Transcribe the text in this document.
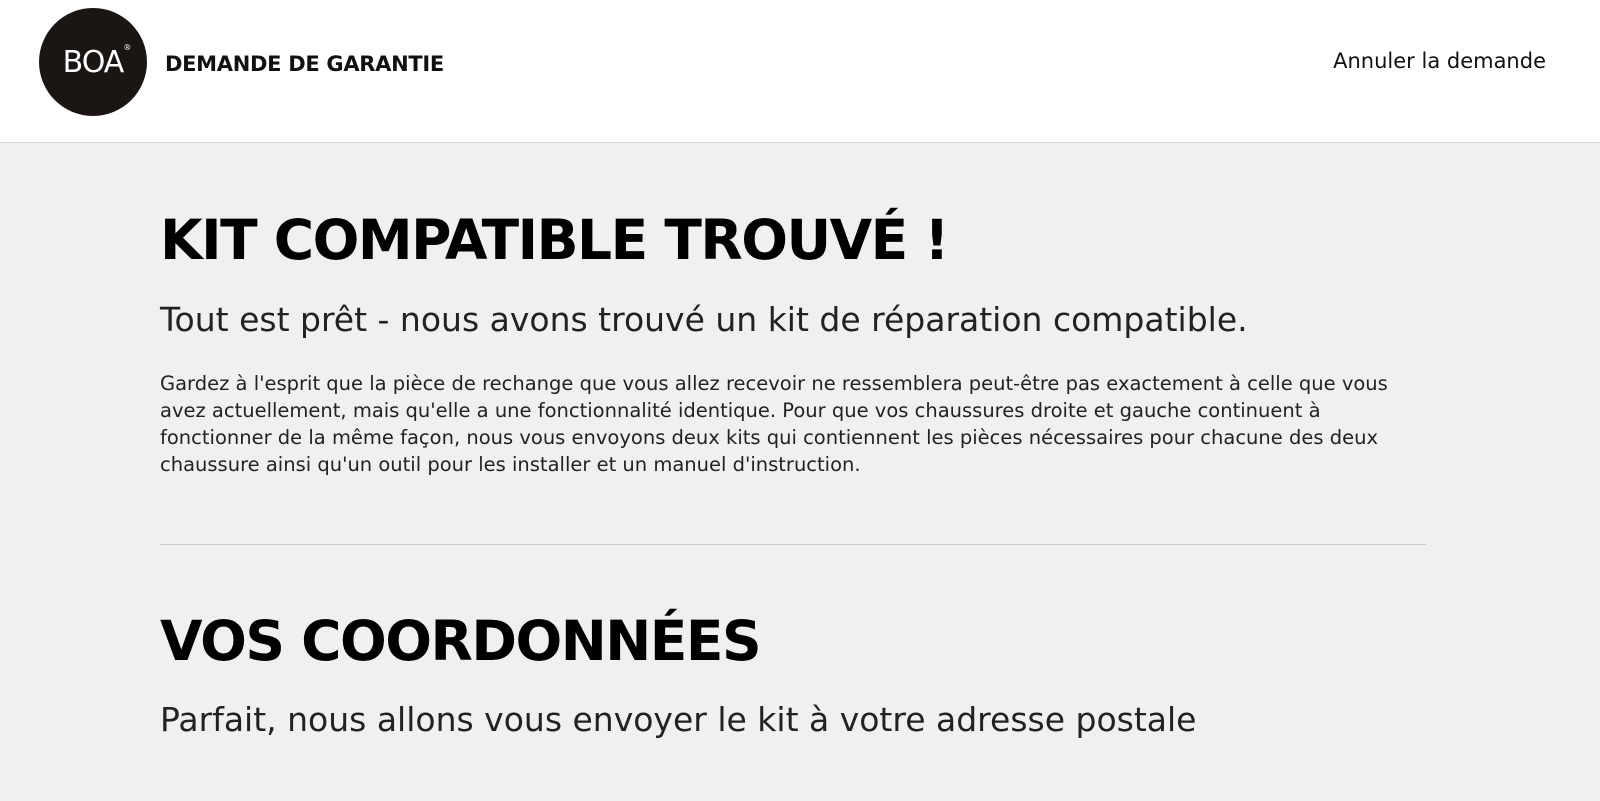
BOA ®
DEMANDE DE GARANTIE	Annuler la demande
KIT COMPATIBLE TROUVÉ !

Tout est prêt - nous avons trouvé un kit de réparation compatible.

Gardez à l'esprit que la pièce de rechange que vous allez recevoir ne ressemblera peut-être pas exactement à celle que vous avez actuellement, mais qu'elle a une fonctionnalité identique. Pour que vos chaussures droite et gauche continuent à fonctionner de la même façon, nous vous envoyons deux kits qui contiennent les pièces nécessaires pour chacune des deux chaussure ainsi qu'un outil pour les installer et un manuel d'instruction.

VOS COORDONNÉES

Parfait, nous allons vous envoyer le kit à votre adresse postale
